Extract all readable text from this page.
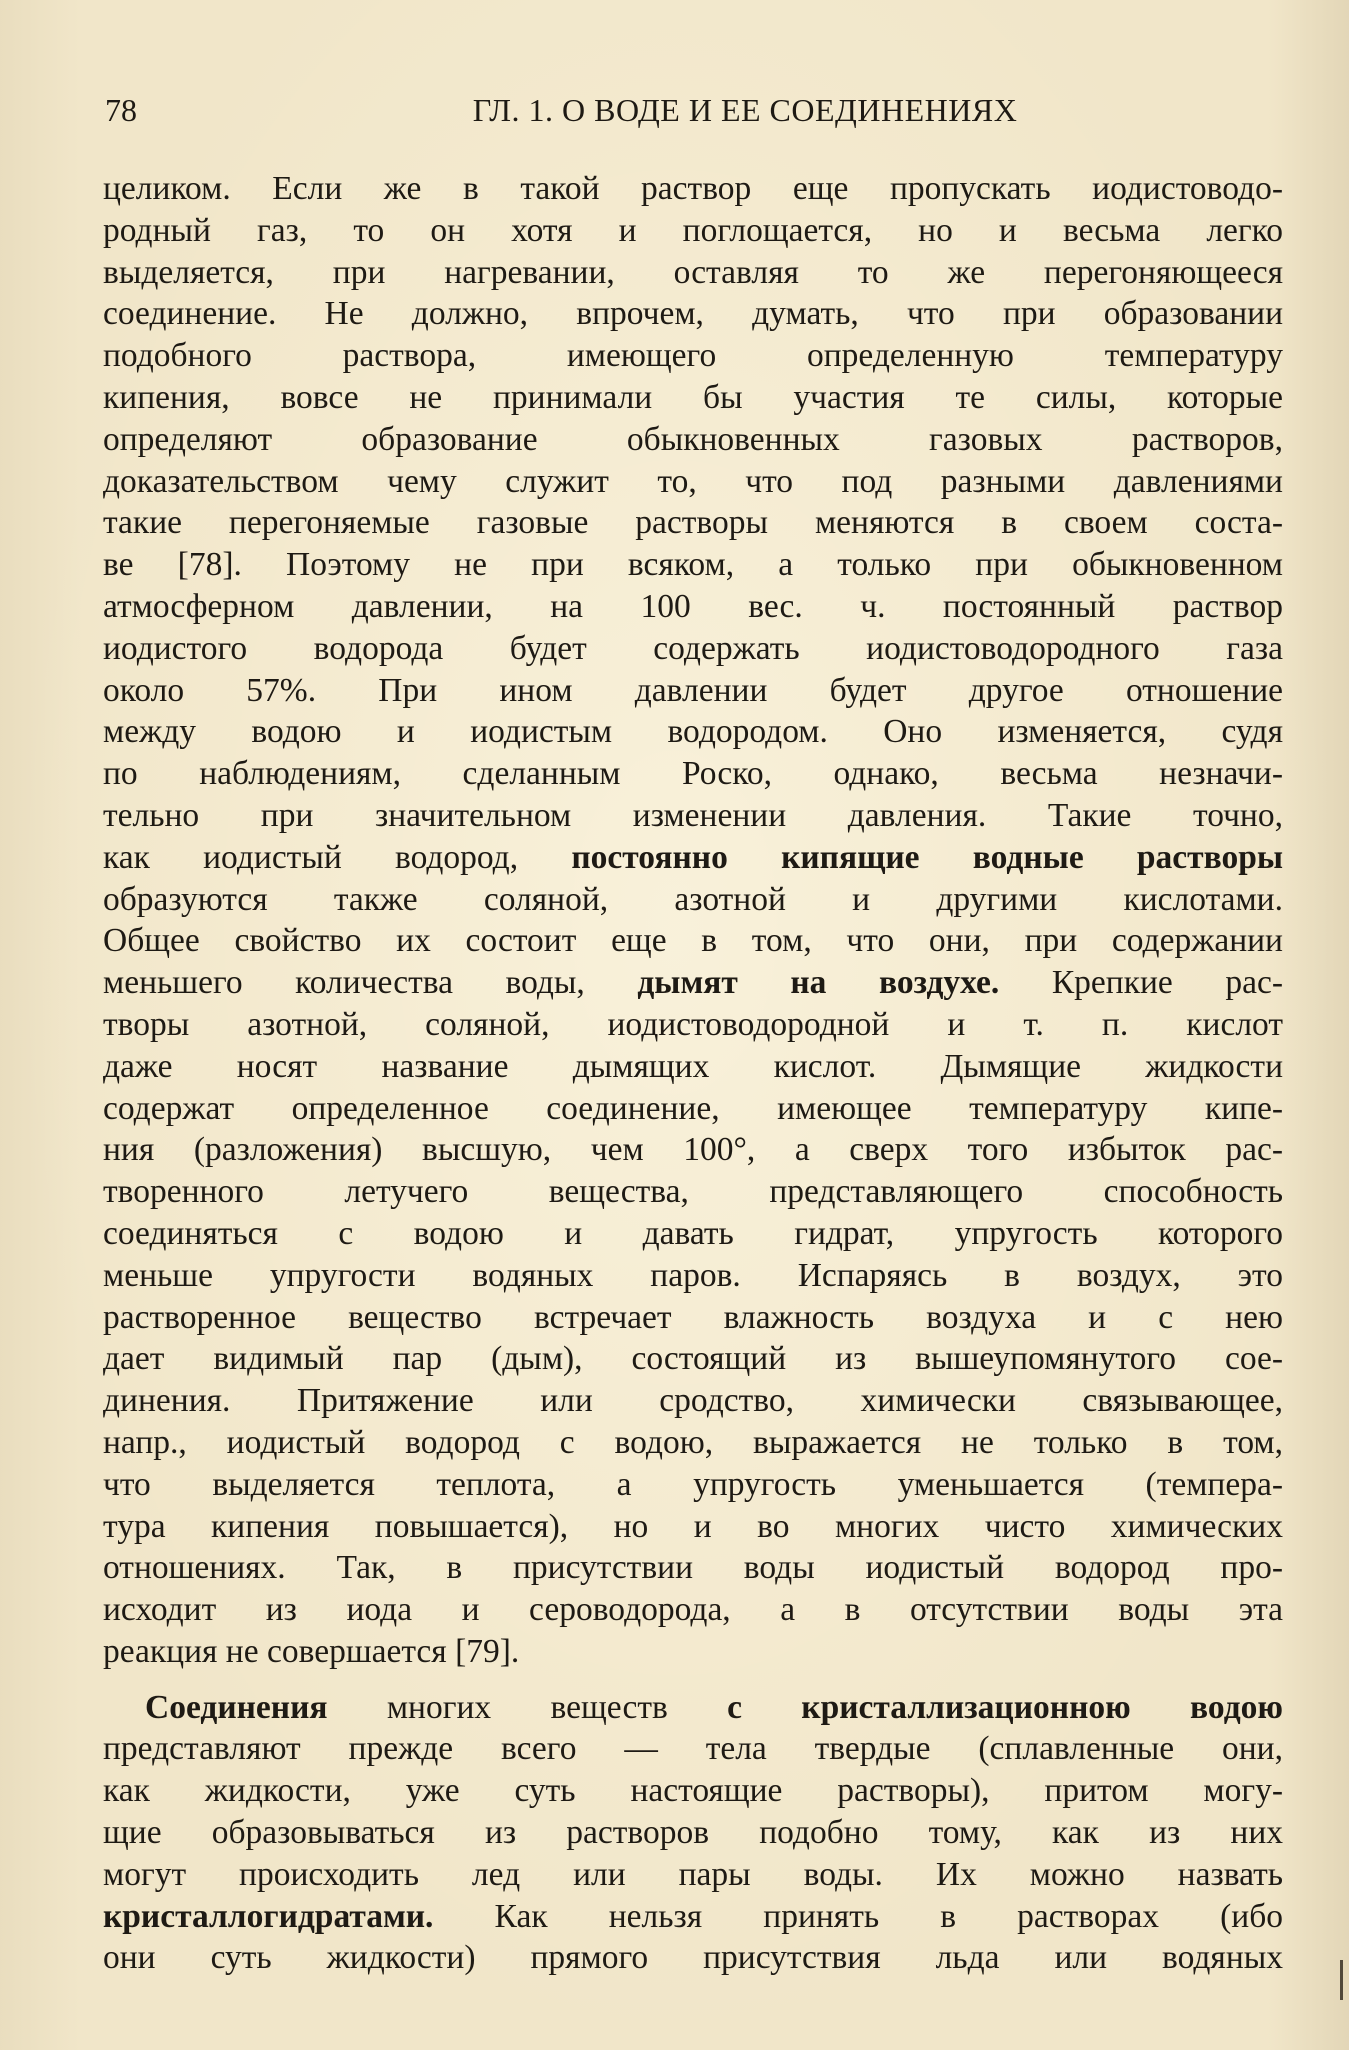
78	ГЛ. 1. О ВОДЕ И ЕЕ СОЕДИНЕНИЯХ
целиком. Если же в такой раствор еще пропускать иодистоводо-
родный газ, то он хотя и поглощается, но и весьма легко
выделяется, при нагревании, оставляя то же перегоняющееся
соединение. Не должно, впрочем, думать, что при образовании
подобного раствора, имеющего определенную температуру
кипения, вовсе не принимали бы участия те силы, которые
определяют образование обыкновенных газовых растворов,
доказательством чему служит то, что под разными давлениями
такие перегоняемые газовые растворы меняются в своем соста-
ве [78]. Поэтому не при всяком, а только при обыкновенном
атмосферном давлении, на 100 вес. ч. постоянный раствор
иодистого водорода будет содержать иодистоводородного газа
около 57%. При ином давлении будет другое отношение
между водою и иодистым водородом. Оно изменяется, судя
по наблюдениям, сделанным Роско, однако, весьма незначи-
тельно при значительном изменении давления. Такие точно,
как иодистый водород, постоянно кипящие водные растворы
образуются также соляной, азотной и другими кислотами.
Общее свойство их состоит еще в том, что они, при содержании
меньшего количества воды, дымят на воздухе. Крепкие рас-
творы азотной, соляной, иодистоводородной и т. п. кислот
даже носят название дымящих кислот. Дымящие жидкости
содержат определенное соединение, имеющее температуру кипе-
ния (разложения) высшую, чем 100°, а сверх того избыток рас-
творенного летучего вещества, представляющего способность
соединяться с водою и давать гидрат, упругость которого
меньше упругости водяных паров. Испаряясь в воздух, это
растворенное вещество встречает влажность воздуха и с нею
дает видимый пар (дым), состоящий из вышеупомянутого сое-
динения. Притяжение или сродство, химически связывающее,
напр., иодистый водород с водою, выражается не только в том,
что выделяется теплота, а упругость уменьшается (темпера-
тура кипения повышается), но и во многих чисто химических
отношениях. Так, в присутствии воды иодистый водород про-
исходит из иода и сероводорода, а в отсутствии воды эта
реакция не совершается [79].
Соединения многих веществ с кристаллизационною водою
представляют прежде всего — тела твердые (сплавленные они,
как жидкости, уже суть настоящие растворы), притом могу-
щие образовываться из растворов подобно тому, как из них
могут происходить лед или пары воды. Их можно назвать
кристаллогидратами. Как нельзя принять в растворах (ибо
они суть жидкости) прямого присутствия льда или водяных
